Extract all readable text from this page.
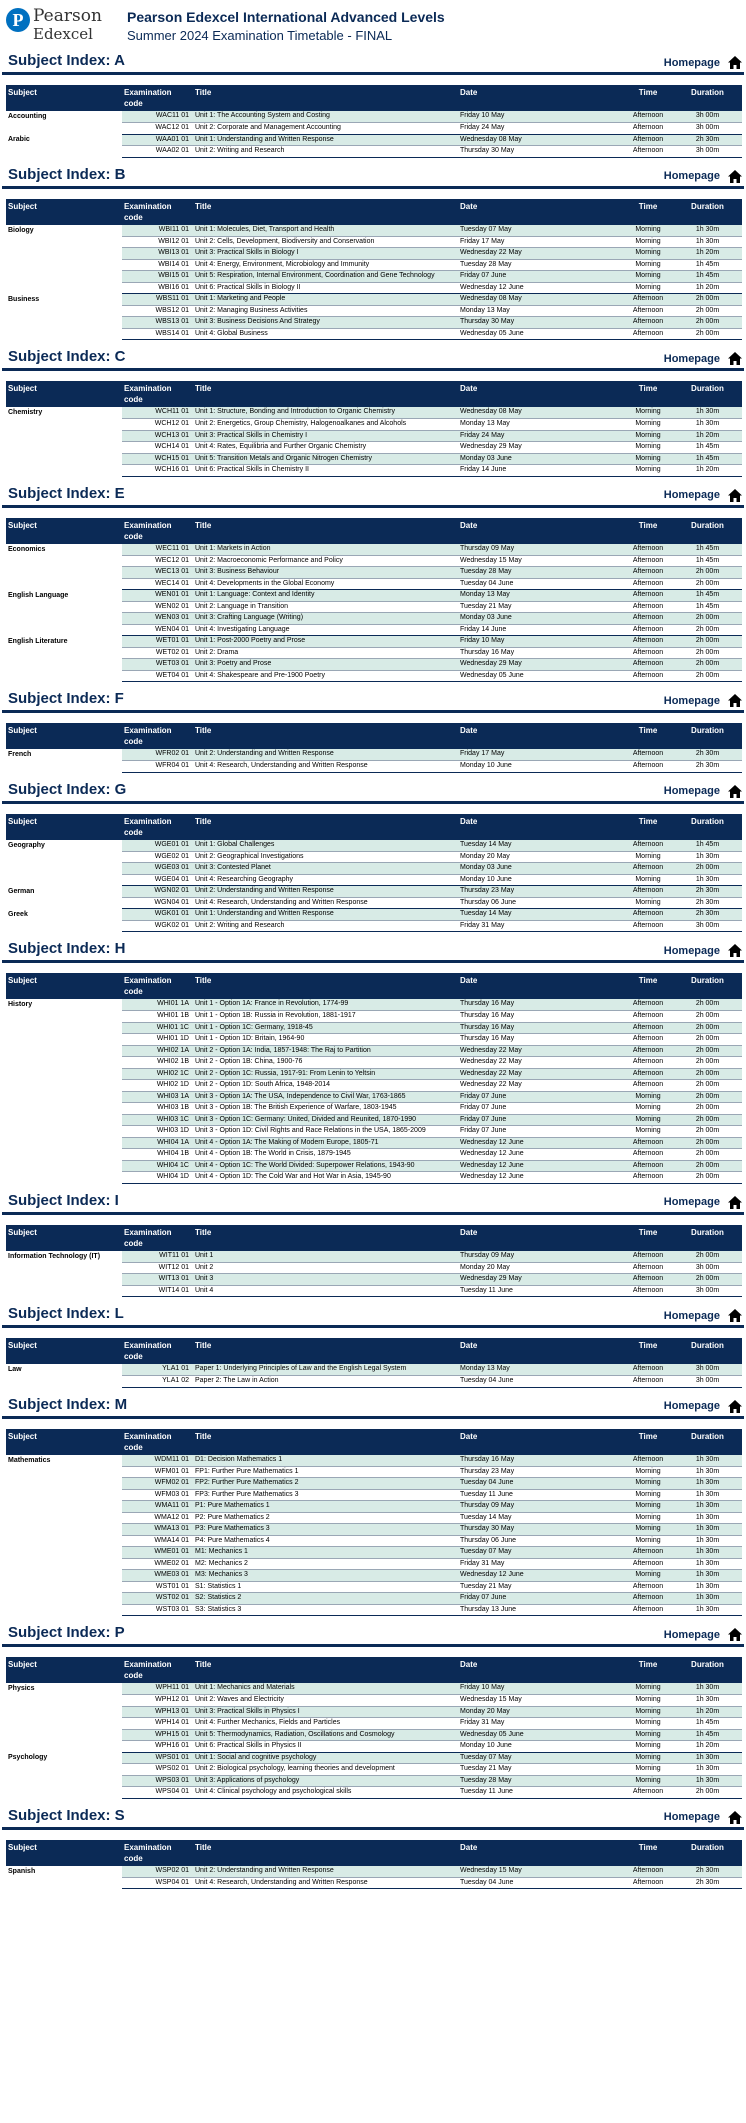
P Pearson
Edexcel
Pearson Edexcel International Advanced Levels
Summer 2024 Examination Timetable - FINAL
Subject Index: A	Homepage
Subject	Examination code	Title	Date	Time	Duration
Accounting	WAC11 01	Unit 1: The Accounting System and Costing	Friday 10 May	Afternoon	3h 00m
	WAC12 01	Unit 2: Corporate and Management Accounting	Friday 24 May	Afternoon	3h 00m
Arabic	WAA01 01	Unit 1: Understanding and Written Response	Wednesday 08 May	Afternoon	2h 30m
	WAA02 01	Unit 2: Writing and Research	Thursday 30 May	Afternoon	3h 00m
Subject Index: B	Homepage
Subject	Examination code	Title	Date	Time	Duration
Biology	WBI11 01	Unit 1: Molecules, Diet, Transport and Health	Tuesday 07 May	Morning	1h 30m
	WBI12 01	Unit 2: Cells, Development, Biodiversity and Conservation	Friday 17 May	Morning	1h 30m
	WBI13 01	Unit 3: Practical Skills in Biology I	Wednesday 22 May	Morning	1h 20m
	WBI14 01	Unit 4: Energy, Environment, Microbiology and Immunity	Tuesday 28 May	Morning	1h 45m
	WBI15 01	Unit 5: Respiration, Internal Environment, Coordination and Gene Technology	Friday 07 June	Morning	1h 45m
	WBI16 01	Unit 6: Practical Skills in Biology II	Wednesday 12 June	Morning	1h 20m
Business	WBS11 01	Unit 1: Marketing and People	Wednesday 08 May	Afternoon	2h 00m
	WBS12 01	Unit 2: Managing Business Activities	Monday 13 May	Afternoon	2h 00m
	WBS13 01	Unit 3: Business Decisions And Strategy	Thursday 30 May	Afternoon	2h 00m
	WBS14 01	Unit 4: Global Business	Wednesday 05 June	Afternoon	2h 00m
Subject Index: C	Homepage
Subject	Examination code	Title	Date	Time	Duration
Chemistry	WCH11 01	Unit 1: Structure, Bonding and Introduction to Organic Chemistry	Wednesday 08 May	Morning	1h 30m
	WCH12 01	Unit 2: Energetics, Group Chemistry, Halogenoalkanes and Alcohols	Monday 13 May	Morning	1h 30m
	WCH13 01	Unit 3: Practical Skills in Chemistry I	Friday 24 May	Morning	1h 20m
	WCH14 01	Unit 4: Rates, Equilibria and Further Organic Chemistry	Wednesday 29 May	Morning	1h 45m
	WCH15 01	Unit 5: Transition Metals and Organic Nitrogen Chemistry	Monday 03 June	Morning	1h 45m
	WCH16 01	Unit 6: Practical Skills in Chemistry II	Friday 14 June	Morning	1h 20m
Subject Index: E	Homepage
Subject	Examination code	Title	Date	Time	Duration
Economics	WEC11 01	Unit 1: Markets in Action	Thursday 09 May	Afternoon	1h 45m
	WEC12 01	Unit 2: Macroeconomic Performance and Policy	Wednesday 15 May	Afternoon	1h 45m
	WEC13 01	Unit 3: Business Behaviour	Tuesday 28 May	Afternoon	2h 00m
	WEC14 01	Unit 4: Developments in the Global Economy	Tuesday 04 June	Afternoon	2h 00m
English Language	WEN01 01	Unit 1: Language: Context and Identity	Monday 13 May	Afternoon	1h 45m
	WEN02 01	Unit 2: Language in Transition	Tuesday 21 May	Afternoon	1h 45m
	WEN03 01	Unit 3: Crafting Language (Writing)	Monday 03 June	Afternoon	2h 00m
	WEN04 01	Unit 4: Investigating Language	Friday 14 June	Afternoon	2h 00m
English Literature	WET01 01	Unit 1: Post-2000 Poetry and Prose	Friday 10 May	Afternoon	2h 00m
	WET02 01	Unit 2: Drama	Thursday 16 May	Afternoon	2h 00m
	WET03 01	Unit 3: Poetry and Prose	Wednesday 29 May	Afternoon	2h 00m
	WET04 01	Unit 4: Shakespeare and Pre-1900 Poetry	Wednesday 05 June	Afternoon	2h 00m
Subject Index: F	Homepage
Subject	Examination code	Title	Date	Time	Duration
French	WFR02 01	Unit 2: Understanding and Written Response	Friday 17 May	Afternoon	2h 30m
	WFR04 01	Unit 4: Research, Understanding and Written Response	Monday 10 June	Afternoon	2h 30m
Subject Index: G	Homepage
Subject	Examination code	Title	Date	Time	Duration
Geography	WGE01 01	Unit 1: Global Challenges	Tuesday 14 May	Afternoon	1h 45m
	WGE02 01	Unit 2: Geographical Investigations	Monday 20 May	Morning	1h 30m
	WGE03 01	Unit 3: Contested Planet	Monday 03 June	Afternoon	2h 00m
	WGE04 01	Unit 4: Researching Geography	Monday 10 June	Morning	1h 30m
German	WGN02 01	Unit 2: Understanding and Written Response	Thursday 23 May	Afternoon	2h 30m
	WGN04 01	Unit 4: Research, Understanding and Written Response	Thursday 06 June	Morning	2h 30m
Greek	WGK01 01	Unit 1: Understanding and Written Response	Tuesday 14 May	Afternoon	2h 30m
	WGK02 01	Unit 2: Writing and Research	Friday 31 May	Afternoon	3h 00m
Subject Index: H	Homepage
Subject	Examination code	Title	Date	Time	Duration
History	WHI01 1A	Unit 1 - Option 1A: France in Revolution, 1774-99	Thursday 16 May	Afternoon	2h 00m
	WHI01 1B	Unit 1 - Option 1B: Russia in Revolution, 1881-1917	Thursday 16 May	Afternoon	2h 00m
	WHI01 1C	Unit 1 - Option 1C: Germany, 1918-45	Thursday 16 May	Afternoon	2h 00m
	WHI01 1D	Unit 1 - Option 1D: Britain, 1964-90	Thursday 16 May	Afternoon	2h 00m
	WHI02 1A	Unit 2 - Option 1A: India, 1857-1948: The Raj to Partition	Wednesday 22 May	Afternoon	2h 00m
	WHI02 1B	Unit 2 - Option 1B: China, 1900-76	Wednesday 22 May	Afternoon	2h 00m
	WHI02 1C	Unit 2 - Option 1C: Russia, 1917-91: From Lenin to Yeltsin	Wednesday 22 May	Afternoon	2h 00m
	WHI02 1D	Unit 2 - Option 1D: South Africa, 1948-2014	Wednesday 22 May	Afternoon	2h 00m
	WHI03 1A	Unit 3 - Option 1A: The USA, Independence to Civil War, 1763-1865	Friday 07 June	Morning	2h 00m
	WHI03 1B	Unit 3 - Option 1B: The British Experience of Warfare, 1803-1945	Friday 07 June	Morning	2h 00m
	WHI03 1C	Unit 3 - Option 1C: Germany: United, Divided and Reunited, 1870-1990	Friday 07 June	Morning	2h 00m
	WHI03 1D	Unit 3 - Option 1D: Civil Rights and Race Relations in the USA, 1865-2009	Friday 07 June	Morning	2h 00m
	WHI04 1A	Unit 4 - Option 1A: The Making of Modern Europe, 1805-71	Wednesday 12 June	Afternoon	2h 00m
	WHI04 1B	Unit 4 - Option 1B: The World in Crisis, 1879-1945	Wednesday 12 June	Afternoon	2h 00m
	WHI04 1C	Unit 4 - Option 1C: The World Divided: Superpower Relations, 1943-90	Wednesday 12 June	Afternoon	2h 00m
	WHI04 1D	Unit 4 - Option 1D: The Cold War and Hot War in Asia, 1945-90	Wednesday 12 June	Afternoon	2h 00m
Subject Index: I	Homepage
Subject	Examination code	Title	Date	Time	Duration
Information Technology (IT)	WIT11 01	Unit 1	Thursday 09 May	Afternoon	2h 00m
	WIT12 01	Unit 2	Monday 20 May	Afternoon	3h 00m
	WIT13 01	Unit 3	Wednesday 29 May	Afternoon	2h 00m
	WIT14 01	Unit 4	Tuesday 11 June	Afternoon	3h 00m
Subject Index: L	Homepage
Subject	Examination code	Title	Date	Time	Duration
Law	YLA1 01	Paper 1: Underlying Principles of Law and the English Legal System	Monday 13 May	Afternoon	3h 00m
	YLA1 02	Paper 2: The Law in Action	Tuesday 04 June	Afternoon	3h 00m
Subject Index: M	Homepage
Subject	Examination code	Title	Date	Time	Duration
Mathematics	WDM11 01	D1: Decision Mathematics 1	Thursday 16 May	Afternoon	1h 30m
	WFM01 01	FP1: Further Pure Mathematics 1	Thursday 23 May	Morning	1h 30m
	WFM02 01	FP2: Further Pure Mathematics 2	Tuesday 04 June	Morning	1h 30m
	WFM03 01	FP3: Further Pure Mathematics 3	Tuesday 11 June	Morning	1h 30m
	WMA11 01	P1: Pure Mathematics 1	Thursday 09 May	Morning	1h 30m
	WMA12 01	P2: Pure Mathematics 2	Tuesday 14 May	Morning	1h 30m
	WMA13 01	P3: Pure Mathematics 3	Thursday 30 May	Morning	1h 30m
	WMA14 01	P4: Pure Mathematics 4	Thursday 06 June	Morning	1h 30m
	WME01 01	M1: Mechanics 1	Tuesday 07 May	Afternoon	1h 30m
	WME02 01	M2: Mechanics 2	Friday 31 May	Afternoon	1h 30m
	WME03 01	M3: Mechanics 3	Wednesday 12 June	Morning	1h 30m
	WST01 01	S1: Statistics 1	Tuesday 21 May	Afternoon	1h 30m
	WST02 01	S2: Statistics 2	Friday 07 June	Afternoon	1h 30m
	WST03 01	S3: Statistics 3	Thursday 13 June	Afternoon	1h 30m
Subject Index: P	Homepage
Subject	Examination code	Title	Date	Time	Duration
Physics	WPH11 01	Unit 1: Mechanics and Materials	Friday 10 May	Morning	1h 30m
	WPH12 01	Unit 2: Waves and Electricity	Wednesday 15 May	Morning	1h 30m
	WPH13 01	Unit 3: Practical Skills in Physics I	Monday 20 May	Morning	1h 20m
	WPH14 01	Unit 4: Further Mechanics, Fields and Particles	Friday 31 May	Morning	1h 45m
	WPH15 01	Unit 5: Thermodynamics, Radiation, Oscillations and Cosmology	Wednesday 05 June	Morning	1h 45m
	WPH16 01	Unit 6: Practical Skills in Physics II	Monday 10 June	Morning	1h 20m
Psychology	WPS01 01	Unit 1: Social and cognitive psychology	Tuesday 07 May	Morning	1h 30m
	WPS02 01	Unit 2: Biological psychology, learning theories and development	Tuesday 21 May	Morning	1h 30m
	WPS03 01	Unit 3: Applications of psychology	Tuesday 28 May	Morning	1h 30m
	WPS04 01	Unit 4: Clinical psychology and psychological skills	Tuesday 11 June	Afternoon	2h 00m
Subject Index: S	Homepage
Subject	Examination code	Title	Date	Time	Duration
Spanish	WSP02 01	Unit 2: Understanding and Written Response	Wednesday 15 May	Afternoon	2h 30m
	WSP04 01	Unit 4: Research, Understanding and Written Response	Tuesday 04 June	Afternoon	2h 30m
